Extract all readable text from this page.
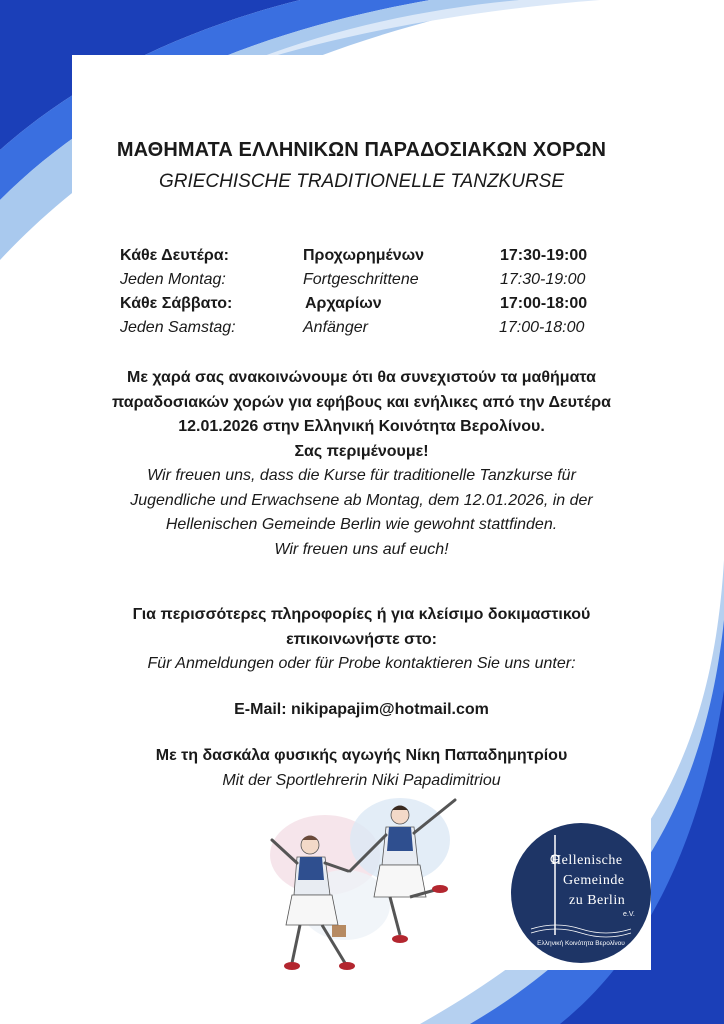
ΜΑΘΗΜΑΤΑ ΕΛΛΗΝΙΚΩΝ ΠΑΡΑΔΟΣΙΑΚΩΝ ΧΟΡΩΝ
GRIECHISCHE TRADITIONELLE TANZKURSE
Κάθε Δευτέρα:	Προχωρημένων	17:30-19:00
Jeden Montag:	Fortgeschrittene	17:30-19:00
Κάθε Σάββατο:	Αρχαρίων	17:00-18:00
Jeden Samstag:	Anfänger	17:00-18:00
Με χαρά σας ανακοινώνουμε ότι θα συνεχιστούν τα μαθήματα
παραδοσιακών χορών για εφήβους και ενήλικες από την Δευτέρα
12.01.2026 στην Ελληνική Κοινότητα Βερολίνου.
Σας περιμένουμε!
Wir freuen uns, dass die Kurse für traditionelle Tanzkurse für
Jugendliche und Erwachsene ab Montag, dem 12.01.2026, in der
Hellenischen Gemeinde Berlin wie gewohnt stattfinden.
Wir freuen uns auf euch!
Για περισσότερες πληροφορίες ή για κλείσιμο δοκιμαστικού
επικοινωνήστε στο:
Für Anmeldungen oder für Probe kontaktieren Sie uns unter:
E-Mail: nikipapajim@hotmail.com
Με τη δασκάλα φυσικής αγωγής Νίκη Παπαδημητρίου
Mit der Sportlehrerin Niki Papadimitriou
Hellenische
Gemeinde
zu Berlin
e.V.
Ελληνική Κοινότητα Βερολίνου
